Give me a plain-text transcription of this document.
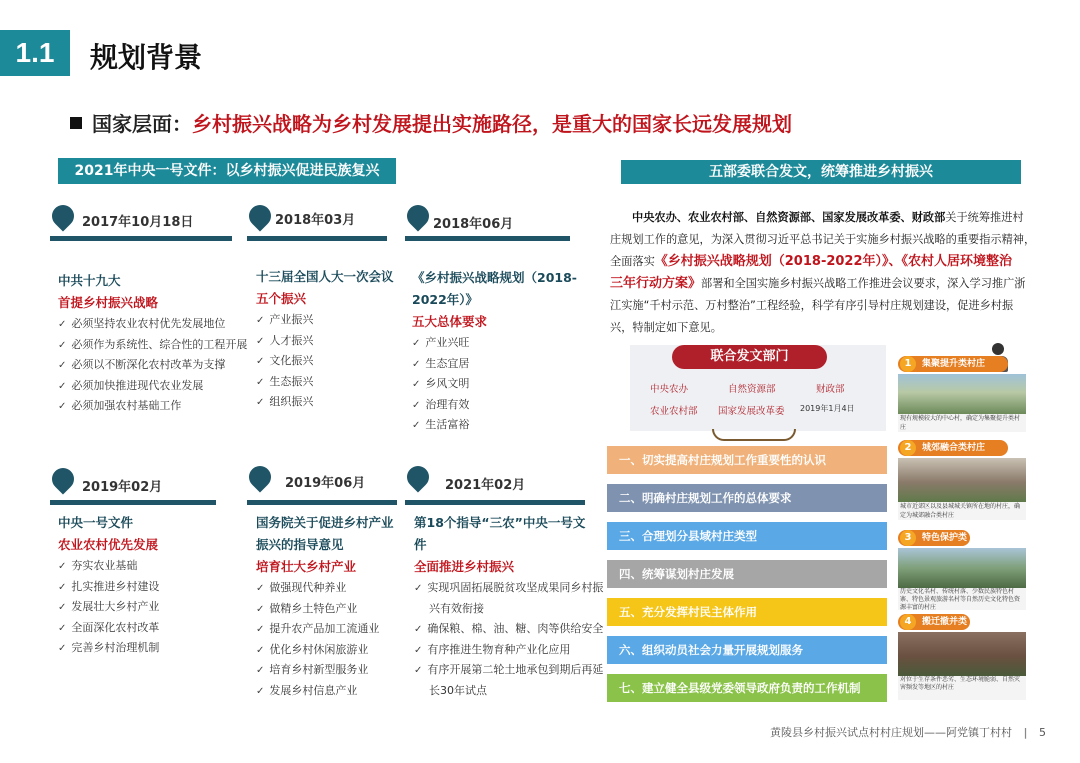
1.1	规划背景
国家层面：乡村振兴战略为乡村发展提出实施路径，是重大的国家长远发展规划
2021年中央一号文件：以乡村振兴促进民族复兴
2017年10月18日	2018年03月	2018年06月
中共十九大
首提乡村振兴战略
✓ 必须坚持农业农村优先发展地位
✓ 必须作为系统性、综合性的工程开展
✓ 必须以不断深化农村改革为支撑
✓ 必须加快推进现代农业发展
✓ 必须加强农村基础工作
十三届全国人大一次会议
五个振兴
✓ 产业振兴
✓ 人才振兴
✓ 文化振兴
✓ 生态振兴
✓ 组织振兴
《乡村振兴战略规划（2018-
2022年）》
五大总体要求
✓ 产业兴旺
✓ 生态宜居
✓ 乡风文明
✓ 治理有效
✓ 生活富裕
2019年02月	2019年06月	2021年02月
中央一号文件
农业农村优先发展
✓ 夯实农业基础
✓ 扎实推进乡村建设
✓ 发展壮大乡村产业
✓ 全面深化农村改革
✓ 完善乡村治理机制
国务院关于促进乡村产业
振兴的指导意见
培育壮大乡村产业
✓ 做强现代种养业
✓ 做精乡土特色产业
✓ 提升农产品加工流通业
✓ 优化乡村休闲旅游业
✓ 培育乡村新型服务业
✓ 发展乡村信息产业
第18个指导“三农”中央一号文
件
全面推进乡村振兴
✓ 实现巩固拓展脱贫攻坚成果同乡村振
兴有效衔接
✓ 确保粮、棉、油、糖、肉等供给安全
✓ 有序推进生物育种产业化应用
✓ 有序开展第二轮土地承包到期后再延
长30年试点
五部委联合发文，统筹推进乡村振兴
中央农办、农业农村部、自然资源部、国家发展改革委、财政部关于统筹推进村
庄规划工作的意见，为深入贯彻习近平总书记关于实施乡村振兴战略的重要指示精神，
全面落实《乡村振兴战略规划（2018-2022年）》、《农村人居环境整治
三年行动方案》部署和全国实施乡村振兴战略工作推进会议要求，深入学习推广浙
江实施“千村示范、万村整治”工程经验，科学有序引导村庄规划建设，促进乡村振
兴，特制定如下意见。
联合发文部门
中央农办	自然资源部	财政部
农业农村部 国家发展改革委 2019年1月4日
一、切实提高村庄规划工作重要性的认识
二、明确村庄规划工作的总体要求
三、合理划分县域村庄类型
四、统筹谋划村庄发展
五、充分发挥村民主体作用
六、组织动员社会力量开展规划服务
七、建立健全县级党委领导政府负责的工作机制
集聚提升类村庄
1
现有规模较大的中心村，确定为集聚提升类村庄
城郊融合类村庄
2
城市近郊区以及县城城关镇所在地的村庄，确定为城郊融合类村庄
特色保护类
3
历史文化名村、传统村落、少数民族特色村寨、特色景观旅游名村等自然历史文化特色资源丰富的村庄
搬迁撤并类
4
对位于生存条件恶劣、生态环境脆弱、自然灾害频发等地区的村庄
黄陵县乡村振兴试点村村庄规划——阿党镇丁村村 | 5
